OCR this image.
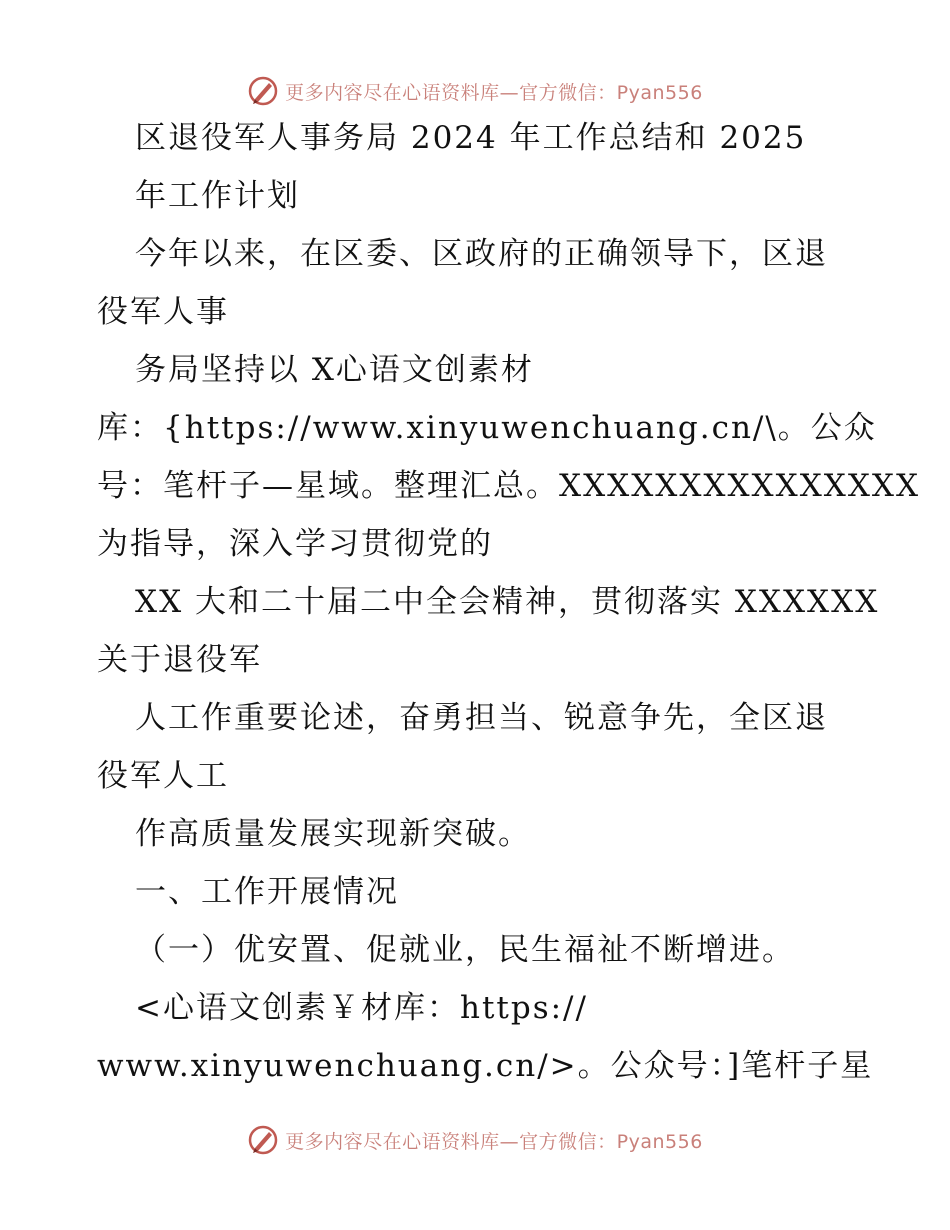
更多内容尽在心语资料库—官方微信：Pyan556
区退役军人事务局 2024 年工作总结和 2025
年工作计划
今年以来，在区委、区政府的正确领导下，区退
役军人事
务局坚持以 X心语文创素材
库：{https://www.xinyuwenchuang.cn/\。公众
号：笔杆子—星域。整理汇总。XXXXXXXXXXXXXXX
为指导，深入学习贯彻党的
XX 大和二十届二中全会精神，贯彻落实 XXXXXX
关于退役军
人工作重要论述，奋勇担当、锐意争先，全区退
役军人工
作高质量发展实现新突破。
一、工作开展情况
（一）优安置、促就业，民生福祉不断增进。
<心语文创素￥材库：https://
www.xinyuwenchuang.cn/>。公众号：]笔杆子星
更多内容尽在心语资料库—官方微信：Pyan556
